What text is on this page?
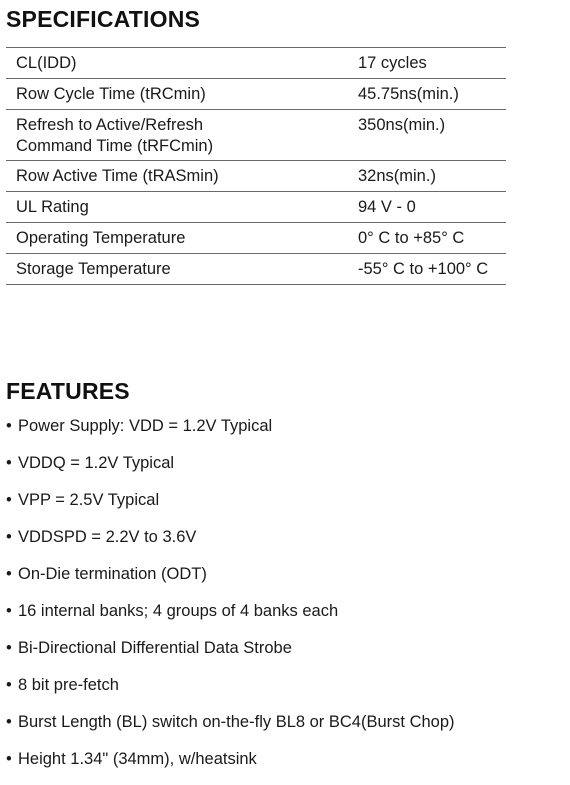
SPECIFICATIONS
CL(IDD)	17 cycles
Row Cycle Time (tRCmin)	45.75ns(min.)
Refresh to Active/Refresh
Command Time (tRFCmin)	350ns(min.)
Row Active Time (tRASmin)	32ns(min.)
UL Rating	94 V - 0
Operating Temperature	0° C to +85° C
Storage Temperature	-55° C to +100° C
FEATURES
• Power Supply: VDD = 1.2V Typical
• VDDQ = 1.2V Typical
• VPP = 2.5V Typical
• VDDSPD = 2.2V to 3.6V
• On-Die termination (ODT)
• 16 internal banks; 4 groups of 4 banks each
• Bi-Directional Differential Data Strobe
• 8 bit pre-fetch
• Burst Length (BL) switch on-the-fly BL8 or BC4(Burst Chop)
• Height 1.34" (34mm), w/heatsink
